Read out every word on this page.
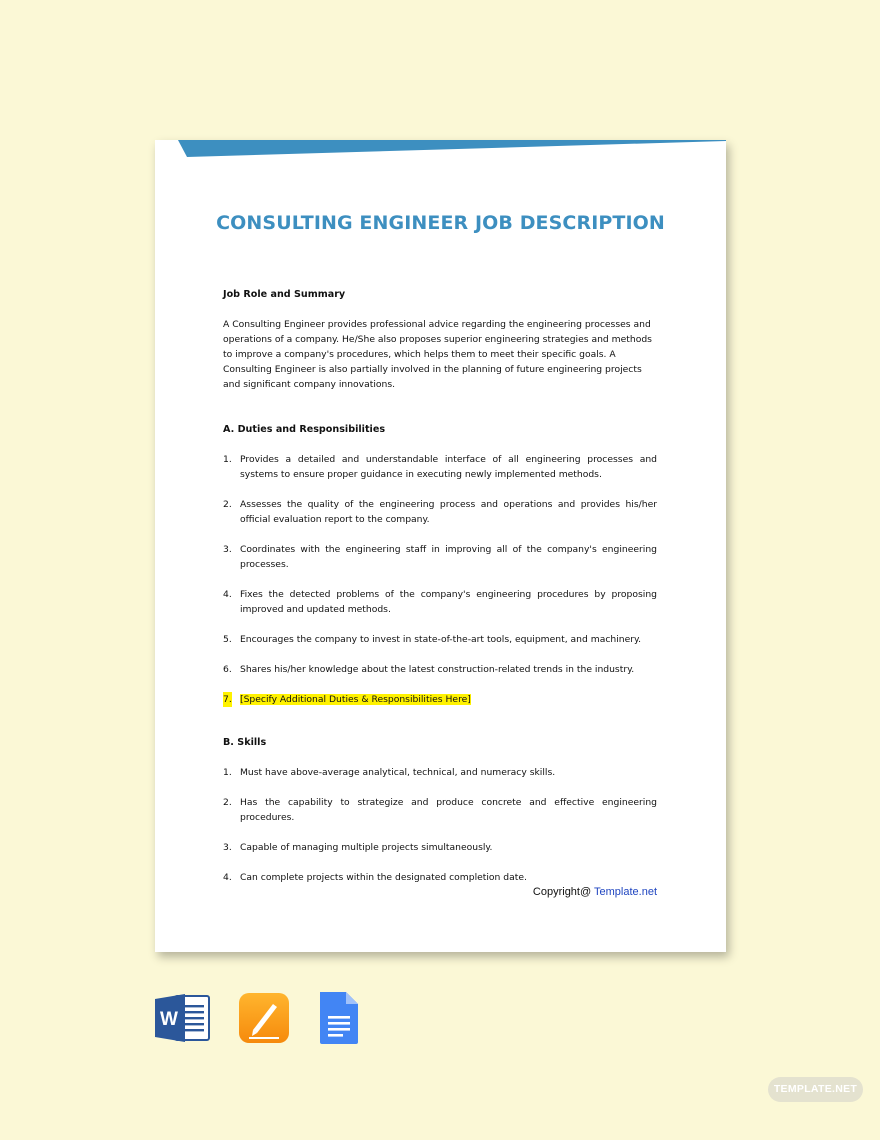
CONSULTING ENGINEER JOB DESCRIPTION
Job Role and Summary
A Consulting Engineer provides professional advice regarding the engineering processes and operations of a company. He/She also proposes superior engineering strategies and methods to improve a company's procedures, which helps them to meet their specific goals. A Consulting Engineer is also partially involved in the planning of future engineering projects and significant company innovations.
A. Duties and Responsibilities
1. Provides a detailed and understandable interface of all engineering processes and systems to ensure proper guidance in executing newly implemented methods.
2. Assesses the quality of the engineering process and operations and provides his/her official evaluation report to the company.
3. Coordinates with the engineering staff in improving all of the company's engineering processes.
4. Fixes the detected problems of the company's engineering procedures by proposing improved and updated methods.
5. Encourages the company to invest in state-of-the-art tools, equipment, and machinery.
6. Shares his/her knowledge about the latest construction-related trends in the industry.
7. [Specify Additional Duties & Responsibilities Here]
B. Skills
1. Must have above-average analytical, technical, and numeracy skills.
2. Has the capability to strategize and produce concrete and effective engineering procedures.
3. Capable of managing multiple projects simultaneously.
4. Can complete projects within the designated completion date.
Copyright@ Template.net
W
TEMPLATE.NET
